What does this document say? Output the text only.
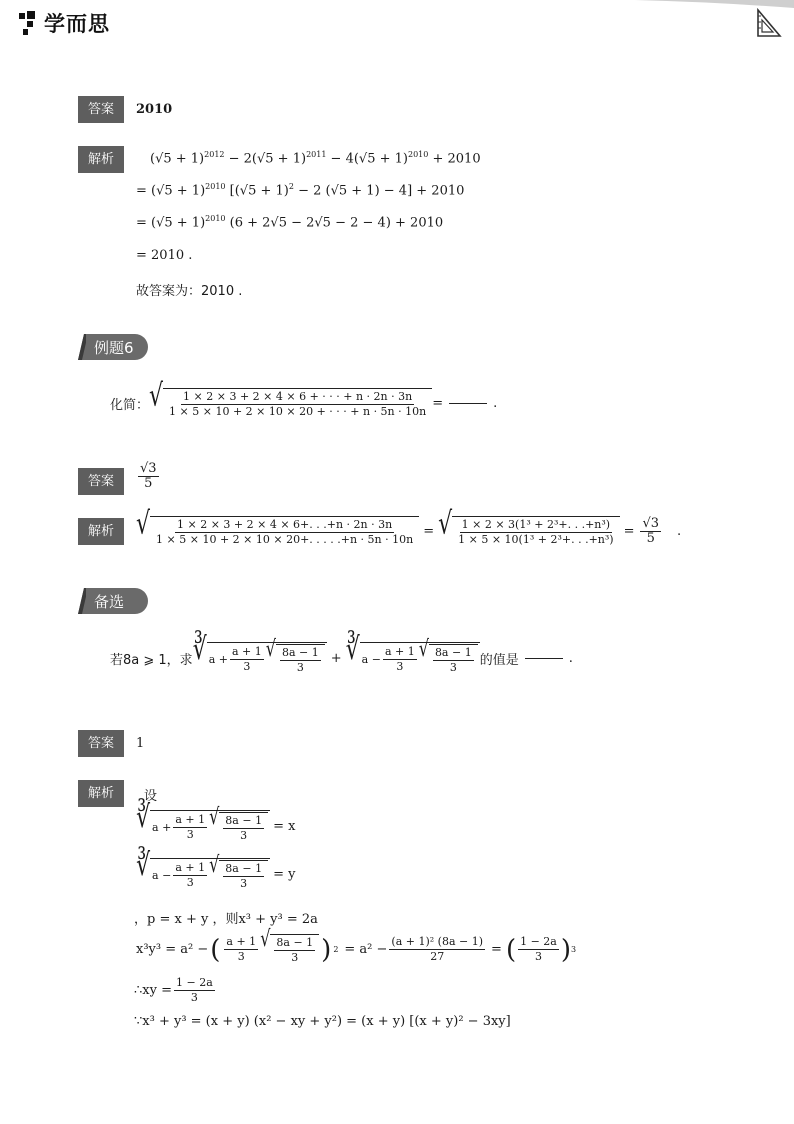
学而思
答案	2010
解析	$(√5 + 1)^{2012} - 2(√5 + 1)^{2011} - 4(√5 + 1)^{2010} + 2010$
= $(√5 + 1)^{2010}$ [$(√5 + 1)^2 - 2$ (√5 + 1) − 4] + 2010
= $(√5 + 1)^{2010}$ (6 + 2√5 − 2√5 − 2 − 4) + 2010
= 2010 .
故答案为：2010 .
例题6
化简： √ $\frac{1 \times 2 \times 3 + 2 \times 4 \times 6 + \cdot \cdot \cdot + n \cdot 2n \cdot 3n}{1 \times 5 \times 10 + 2 \times 10 \times 20 + \cdot \cdot \cdot + n \cdot 5n \cdot 10n}$ =	.
答案	$\frac{√3}{5}$
解析	√ $\frac{1 \times 2 \times 3 + 2 \times 4 \times 6+. . .+n \cdot 2n \cdot 3n}{1 \times 5 \times 10 + 2 \times 10 \times 20+. . . . .+n \cdot 5n \cdot 10n}$ = √ $\frac{\text{1 × 2 × 3(1³ + 2³+. . .+n³)}}{\text{1 × 5 × 10(1³ + 2³+. . .+n³)}} = \frac{√3}{5}$ .
备选
若8a ⩾ 1，求 ∛ $a + \frac{a + 1}{3}$ √ $\frac{8a - 1}{3}$ + ∛ $a - \frac{a + 1}{3}$ √ $\frac{8a - 1}{3}$ 的值是	.
答案	1
解析	设
∛ $a + \frac{a + 1}{3}$ √ $\frac{8a - 1}{3} = x$
∛ $a - \frac{a + 1}{3}$ √ $\frac{8a - 1}{3} = y$
，p = x + y ，则x³ + y³ = 2a
x³y³ = a² − ( $\frac{a + 1}{3}$ √ $\frac{8a - 1}{3}$ ) $2 = a^2 - \frac{\text{(a + 1)² (8a − 1)}}{27}$ = ( $\frac{1 - 2a}{3}$ ) 3
∴xy = $\frac{1 - 2a}{3}$
∵x³ + y³ = (x + y) (x² − xy + y²) = (x + y) [(x + y)² − 3xy]
